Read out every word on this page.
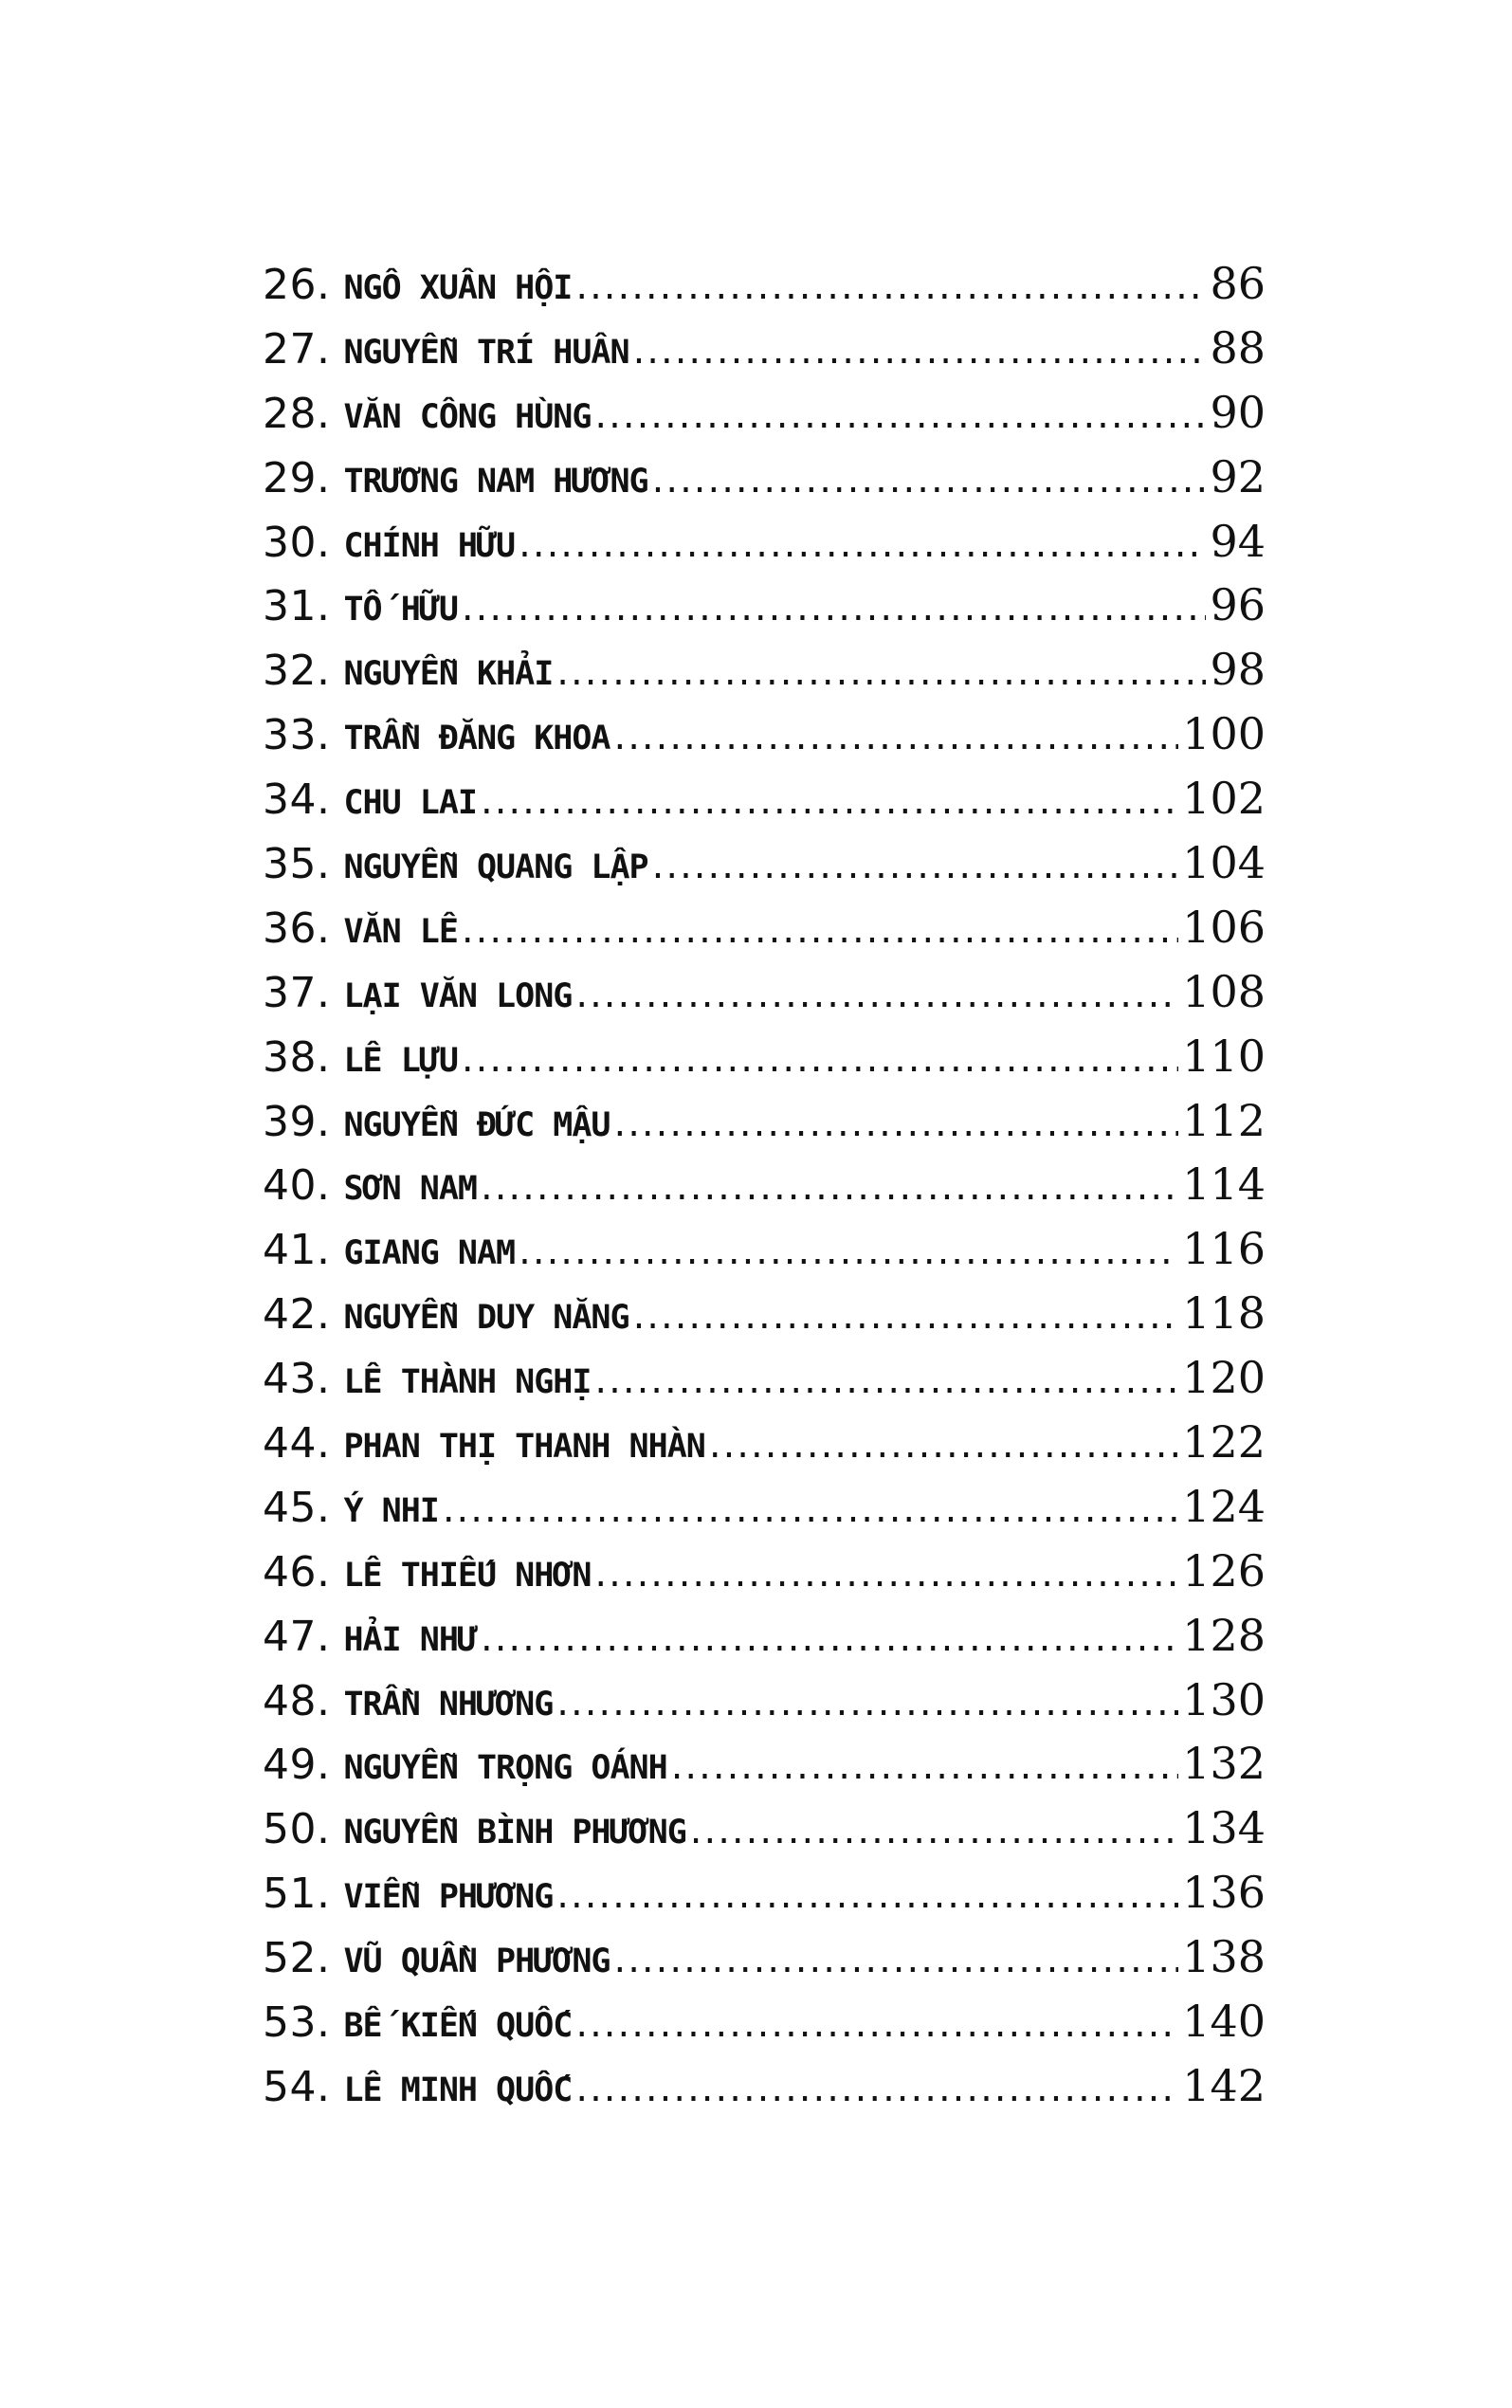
26. NGÔ XUÂN HỘI .....	86
27. NGUYỄN TRÍ HUÂN .....	88
28. VĂN CÔNG HÙNG .....	90
29. TRƯƠNG NAM HƯƠNG .....	92
30. CHÍNH HỮU .....	94
31. TỐ HỮU .....	96
32. NGUYỄN KHẢI .....	98
33. TRẦN ĐĂNG KHOA .....	100
34. CHU LAI .....	102
35. NGUYỄN QUANG LẬP .....	104
36. VĂN LÊ .....	106
37. LẠI VĂN LONG .....	108
38. LÊ LỰU .....	110
39. NGUYỄN ĐỨC MẬU .....	112
40. SƠN NAM .....	114
41. GIANG NAM .....	116
42. NGUYỄN DUY NĂNG .....	118
43. LÊ THÀNH NGHỊ .....	120
44. PHAN THỊ THANH NHÀN .....	122
45. Ý NHI .....	124
46. LÊ THIẾU NHƠN .....	126
47. HẢI NHƯ .....	128
48. TRẦN NHƯƠNG .....	130
49. NGUYỄN TRỌNG OÁNH .....	132
50. NGUYỄN BÌNH PHƯƠNG .....	134
51. VIỄN PHƯƠNG .....	136
52. VŨ QUẦN PHƯƠNG .....	138
53. BẾ KIẾN QUỐC .....	140
54. LÊ MINH QUỐC .....	142
